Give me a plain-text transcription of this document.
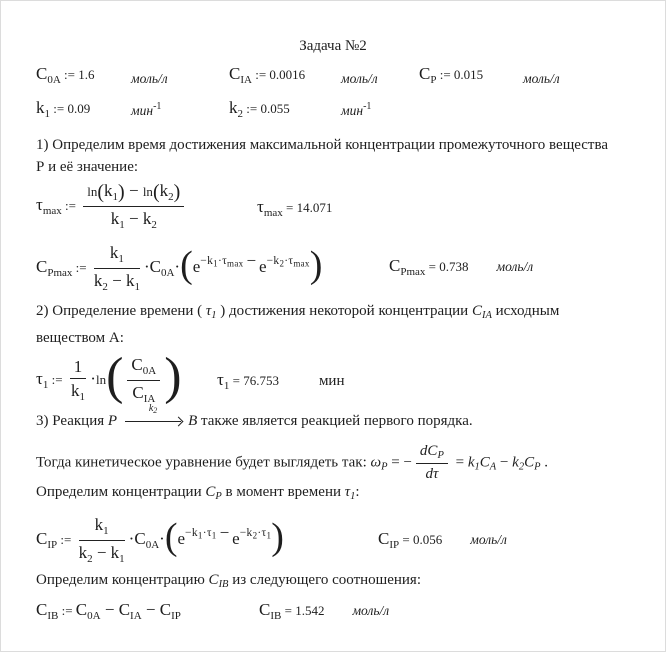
Задача №2
$C_{0A}$ := 1.6	моль/л	$C_{IA}$ := 0.0016	моль/л $C_P$ := 0.015	моль/л
$k_1$ := 0.09	мин$^{-1}$	$k_2$ := 0.055	мин$^{-1}$
1) Определим время достижения максимальной концентрации промежуточного вещества
Р и её значение:
$\tau_{max}$ := $\frac{\ln(k_1) - \ln(k_2)}{k_1 - k_2}$	$\tau_{max} = 14.071$
$C_{Pmax}$ := $\frac{k_1}{k_2 - k_1} \cdot C_{0A}\cdot(e^{-k_1\cdot\tau_{max}} - e^{-k_2\cdot\tau_{max}})$	$C_{Pmax} = 0.738$ моль/л
2) Определение времени ( $\tau_1$ ) достижения некоторой концентрации $C_{IA}$ исходным
веществом А:
$\tau_1$ := $\frac{1}{k_1} \cdot\ln( \frac{C_{0A}}{C_{IA}}$ ) $\tau_1 = 76.753$	мин
3) Реакция P
$k_2$
B также является реакцией первого порядка.
Тогда кинетическое уравнение будет выглядеть так: $\omega_P$ = − $\frac{dC_P}{d\tau} = k_1C_A - k_2C_P$ .
Определим концентрации $C_P$ в момент времени $\tau_1$:
$C_{IP}$ := $\frac{k_1}{k_2 - k_1} \cdot C_{0A}\cdot(e^{-k_1\cdot\tau_1} - e^{-k_2\cdot\tau_1})$	$C_{IP} = 0.056$ моль/л
Определим концентрацию $C_{IB}$ из следующего соотношения:
$C_{IB}$ := $C_{0A} - C_{IA} - C_{IP}$	$C_{IB} = 1.542$ моль/л
